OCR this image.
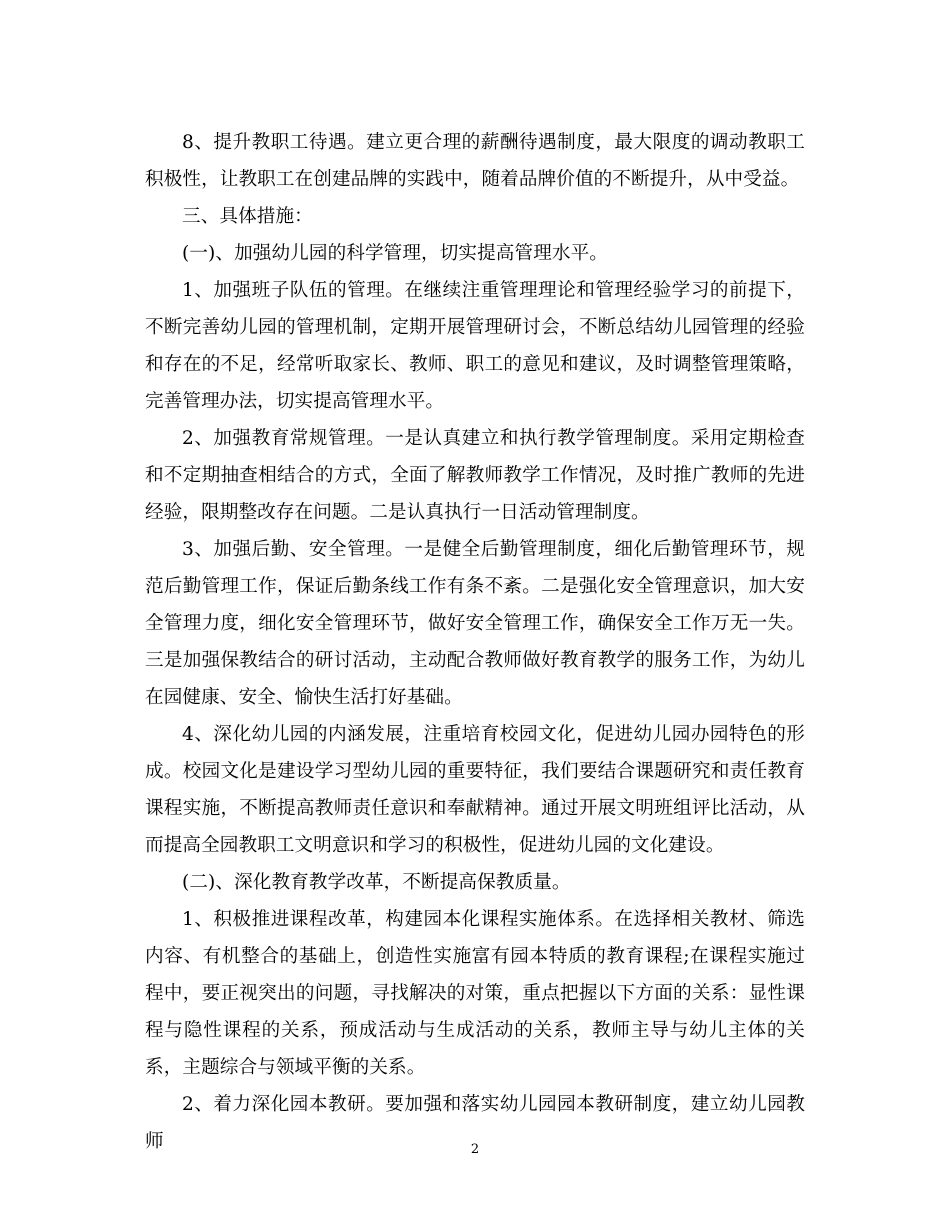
8、提升教职工待遇。建立更合理的薪酬待遇制度，最大限度的调动教职工积极性，让教职工在创建品牌的实践中，随着品牌价值的不断提升，从中受益。

三、具体措施：

(一)、加强幼儿园的科学管理，切实提高管理水平。

1、加强班子队伍的管理。在继续注重管理理论和管理经验学习的前提下，不断完善幼儿园的管理机制，定期开展管理研讨会，不断总结幼儿园管理的经验和存在的不足，经常听取家长、教师、职工的意见和建议，及时调整管理策略，完善管理办法，切实提高管理水平。

2、加强教育常规管理。一是认真建立和执行教学管理制度。采用定期检查和不定期抽查相结合的方式，全面了解教师教学工作情况，及时推广教师的先进经验，限期整改存在问题。二是认真执行一日活动管理制度。

3、加强后勤、安全管理。一是健全后勤管理制度，细化后勤管理环节，规范后勤管理工作，保证后勤条线工作有条不紊。二是强化安全管理意识，加大安全管理力度，细化安全管理环节，做好安全管理工作，确保安全工作万无一失。三是加强保教结合的研讨活动，主动配合教师做好教育教学的服务工作，为幼儿在园健康、安全、愉快生活打好基础。

4、深化幼儿园的内涵发展，注重培育校园文化，促进幼儿园办园特色的形成。校园文化是建设学习型幼儿园的重要特征，我们要结合课题研究和责任教育课程实施，不断提高教师责任意识和奉献精神。通过开展文明班组评比活动，从而提高全园教职工文明意识和学习的积极性，促进幼儿园的文化建设。

(二)、深化教育教学改革，不断提高保教质量。

1、积极推进课程改革，构建园本化课程实施体系。在选择相关教材、筛选内容、有机整合的基础上，创造性实施富有园本特质的教育课程;在课程实施过程中，要正视突出的问题，寻找解决的对策，重点把握以下方面的关系：显性课程与隐性课程的关系，预成活动与生成活动的关系，教师主导与幼儿主体的关系，主题综合与领域平衡的关系。

2、着力深化园本教研。要加强和落实幼儿园园本教研制度，建立幼儿园教师	2
